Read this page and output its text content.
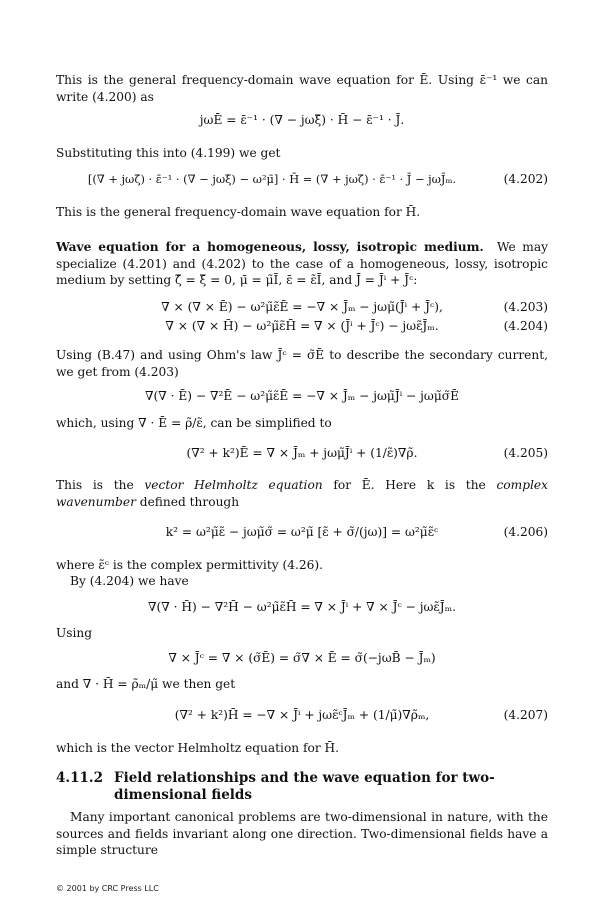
This is the general frequency-domain wave equation for Ē. Using ε̄⁻¹ we can write (4.200) as

jωĒ = ε̄⁻¹ · (∇̄ − jωξ̄) · H̄ − ε̄⁻¹ · J̄.

Substituting this into (4.199) we get

[(∇̄ + jωζ̄) · ε̄⁻¹ · (∇̄ − jωξ̄) − ω²μ̄] · H̄ = (∇̄ + jωζ̄) · ε̄⁻¹ · J̄ − jωJ̄ₘ.	(4.202)

This is the general frequency-domain wave equation for H̄.

Wave equation for a homogeneous, lossy, isotropic medium. We may specialize (4.201) and (4.202) to the case of a homogeneous, lossy, isotropic medium by setting ζ̄ = ξ̄ = 0, μ̄ = μ̃Ī, ε̄ = ε̃Ī, and J̄ = J̄ⁱ + J̄ᶜ:

∇ × (∇ × Ē) − ω²μ̃ε̃Ē = −∇ × J̄ₘ − jωμ̃(J̄ⁱ + J̄ᶜ),	(4.203)
∇ × (∇ × H̄) − ω²μ̃ε̃H̄ = ∇ × (J̄ⁱ + J̄ᶜ) − jωε̃J̄ₘ.	(4.204)

Using (B.47) and using Ohm's law J̄ᶜ = σ̃Ē to describe the secondary current, we get from (4.203)

∇(∇ · Ē) − ∇²Ē − ω²μ̃ε̃Ē = −∇ × J̄ₘ − jωμ̃J̄ⁱ − jωμ̃σ̃Ē

which, using ∇ · Ē = ρ̃/ε̃, can be simplified to

(∇² + k²)Ē = ∇ × J̄ₘ + jωμ̃J̄ⁱ + (1/ε̃)∇ρ̃.	(4.205)

This is the vector Helmholtz equation for Ē. Here k is the complex wavenumber defined through

k² = ω²μ̃ε̃ − jωμ̃σ̃ = ω²μ̃ [ε̃ + σ̃/(jω)] = ω²μ̃ε̃ᶜ	(4.206)

where ε̃ᶜ is the complex permittivity (4.26).

By (4.204) we have

∇(∇ · H̄) − ∇²H̄ − ω²μ̃ε̃H̄ = ∇ × J̄ⁱ + ∇ × J̄ᶜ − jωε̃J̄ₘ.

Using

∇ × J̄ᶜ = ∇ × (σ̃Ē) = σ̃∇ × Ē = σ̃(−jωB̄ − J̄ₘ)

and ∇ · H̄ = ρ̃ₘ/μ̃ we then get

(∇² + k²)H̄ = −∇ × J̄ⁱ + jωε̃ᶜJ̄ₘ + (1/μ̃)∇ρ̃ₘ,	(4.207)

which is the vector Helmholtz equation for H̄.

4.11.2 Field relationships and the wave equation for two-dimensional fields

Many important canonical problems are two-dimensional in nature, with the sources and fields invariant along one direction. Two-dimensional fields have a simple structure

© 2001 by CRC Press LLC
